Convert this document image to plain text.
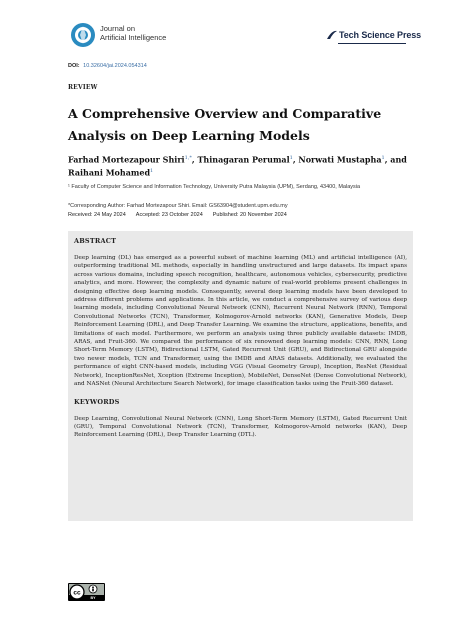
Journal on
Artificial Intelligence	Tech Science Press
DOI: 10.32604/jai.2024.054314
REVIEW
A Comprehensive Overview and Comparative Analysis on Deep Learning Models
Farhad Mortezapour Shiri$^{1,*}$, Thinagaran Perumal$^1$, Norwati Mustapha$^1$, and Raihani Mohamed$^1$
¹ Faculty of Computer Science and Information Technology, University Putra Malaysia (UPM), Serdang, 43400, Malaysia
*Corresponding Author: Farhad Mortezapour Shiri. Email: GS63904@student.upm.edu.my
Received: 24 May 2024 Accepted: 23 October 2024 Published: 20 November 2024
ABSTRACT

Deep learning (DL) has emerged as a powerful subset of machine learning (ML) and artificial intelligence (AI), outperforming traditional ML methods, especially in handling unstructured and large datasets. Its impact spans across various domains, including speech recognition, healthcare, autonomous vehicles, cybersecurity, predictive analytics, and more. However, the complexity and dynamic nature of real-world problems present challenges in designing effective deep learning models. Consequently, several deep learning models have been developed to address different problems and applications. In this article, we conduct a comprehensive survey of various deep learning models, including Convolutional Neural Network (CNN), Recurrent Neural Network (RNN), Temporal Convolutional Networks (TCN), Transformer, Kolmogorov-Arnold networks (KAN), Generative Models, Deep Reinforcement Learning (DRL), and Deep Transfer Learning. We examine the structure, applications, benefits, and limitations of each model. Furthermore, we perform an analysis using three publicly available datasets: IMDB, ARAS, and Fruit-360. We compared the performance of six renowned deep learning models: CNN, RNN, Long Short-Term Memory (LSTM), Bidirectional LSTM, Gated Recurrent Unit (GRU), and Bidirectional GRU alongside two newer models, TCN and Transformer, using the IMDB and ARAS datasets. Additionally, we evaluated the performance of eight CNN-based models, including VGG (Visual Geometry Group), Inception, ResNet (Residual Network), InceptionResNet, Xception (Extreme Inception), MobileNet, DenseNet (Dense Convolutional Network), and NASNet (Neural Architecture Search Network), for image classification tasks using the Fruit-360 dataset.

KEYWORDS

Deep Learning, Convolutional Neural Network (CNN), Long Short-Term Memory (LSTM), Gated Recurrent Unit (GRU), Temporal Convolutional Network (TCN), Transformer, Kolmogorov-Arnold networks (KAN), Deep Reinforcement Learning (DRL), Deep Transfer Learning (DTL).

cc
BY
